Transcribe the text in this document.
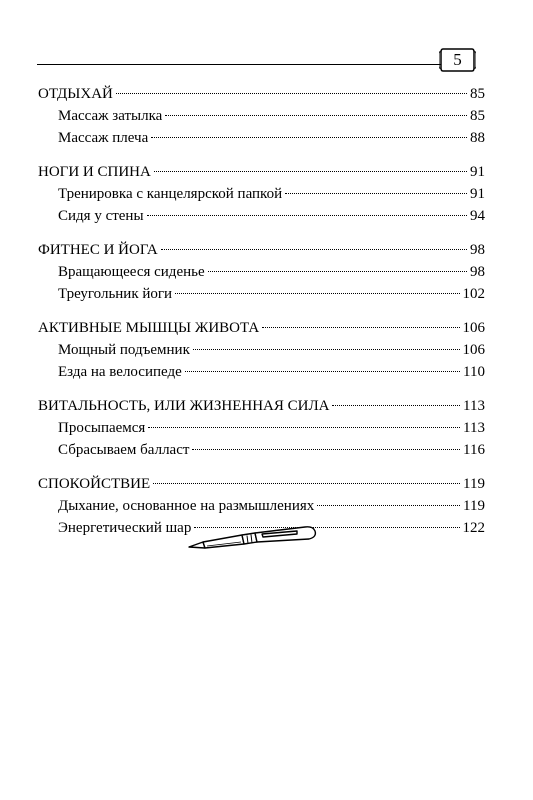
5
ОТДЫХАЙ	85
Массаж затылка	85
Массаж плеча	88
НОГИ И СПИНА	91
Тренировка с канцелярской папкой	91
Сидя у стены	94
ФИТНЕС И ЙОГА	98
Вращающееся сиденье	98
Треугольник йоги	102
АКТИВНЫЕ МЫШЦЫ ЖИВОТА	106
Мощный подъемник	106
Езда на велосипеде	110
ВИТАЛЬНОСТЬ, ИЛИ ЖИЗНЕННАЯ СИЛА	113
Просыпаемся	113
Сбрасываем балласт	116
СПОКОЙСТВИЕ	119
Дыхание, основанное на размышлениях	119
Энергетический шар	122
